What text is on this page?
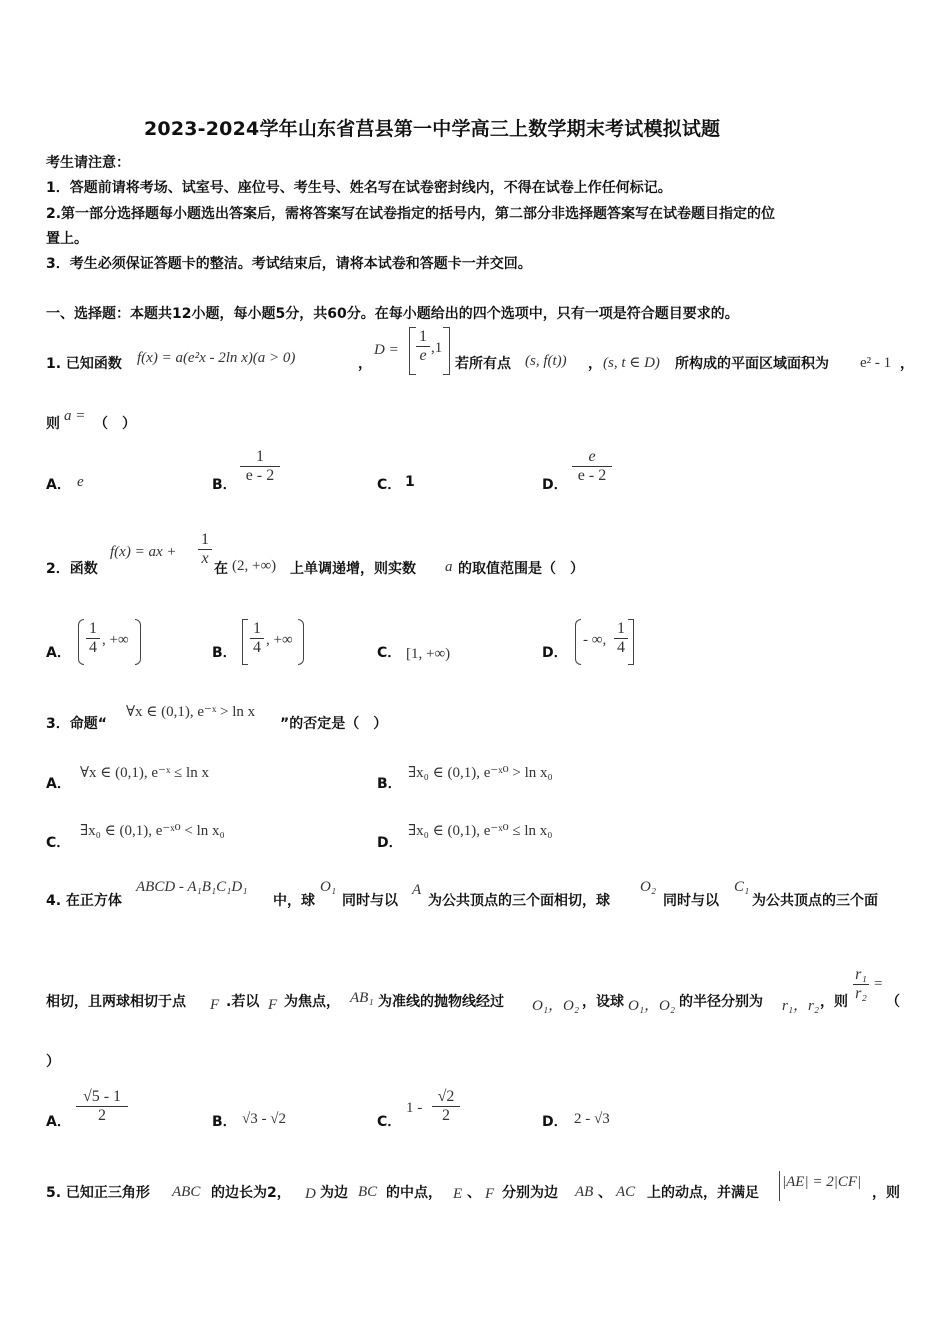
2023-2024学年山东省莒县第一中学高三上数学期末考试模拟试题
考生请注意：
1．答题前请将考场、试室号、座位号、考生号、姓名写在试卷密封线内，不得在试卷上作任何标记。
2.第一部分选择题每小题选出答案后，需将答案写在试卷指定的括号内，第二部分非选择题答案写在试卷题目指定的位
置上。
3．考生必须保证答题卡的整洁。考试结束后，请将本试卷和答题卡一并交回。
一、选择题：本题共12小题，每小题5分，共60分。在每小题给出的四个选项中，只有一项是符合题目要求的。
1. 已知函数 f(x) = a(e²x - 2ln x)(a > 0)	，
D =
1
e ,1
若所有点 (s, f(t)) ， (s, t ∈ D) 所构成的平面区域面积为 e² - 1 ，
则 a = （　）
A． e	B．
1
e - 2
C． 1	D．
e
e - 2
2．函数
f(x) = ax +
1
x
在 (2, +∞) 上单调递增，则实数 a 的取值范围是（　）
A．
1
4 , +∞
B．
1
4 , +∞
C． [1, +∞)	D．
- ∞,
1
4
3．命题“
∀x ∈ (0,1), e⁻ˣ > ln x
”的否定是（　）
A．
∀x ∈ (0,1), e⁻ˣ ≤ ln x
B．
∃x₀ ∈ (0,1), e⁻ˣ⁰ > ln x₀
C．
∃x₀ ∈ (0,1), e⁻ˣ⁰ < ln x₀
D．
∃x₀ ∈ (0,1), e⁻ˣ⁰ ≤ ln x₀
4. 在正方体
ABCD - A₁B₁C₁D₁
中，球
O₁
同时与以
A
为公共顶点的三个面相切，球
O₂
同时与以
C₁
为公共顶点的三个面
相切，且两球相切于点 F .若以 F 为焦点， AB₁ 为准线的抛物线经过 O₁，O₂ ，设球 O₁，O₂ 的半径分别为 r₁，r₂ ，则
r₁
r₂
=
（
）
A．
√5 - 1
2	B． √3 - √2	C．
1 -
√2
2	D． 2 - √3
5. 已知正三角形 ABC 的边长为2， D 为边 BC 的中点， E 、 F 分别为边 AB 、 AC 上的动点，并满足
|AE| = 2|CF|
，则
